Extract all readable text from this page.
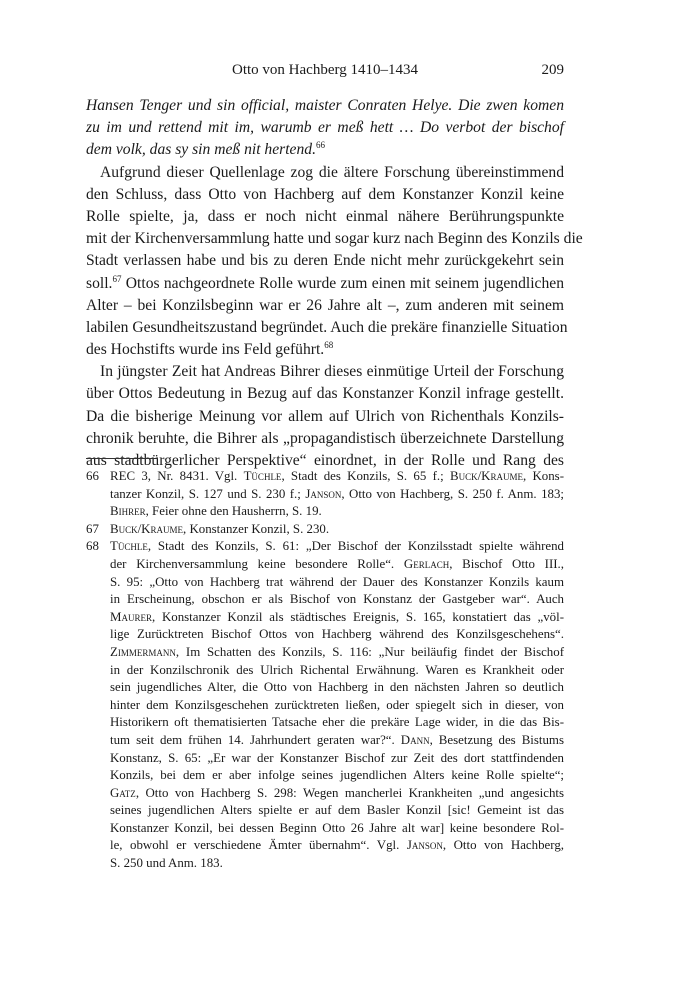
Otto von Hachberg 1410–1434	209
Hansen Tenger und sin official, maister Conraten Helye. Die zwen komen
zu im und rettend mit im, warumb er meß hett … Do verbot der bischof
dem volk, das sy sin meß nit hertend.$^{66}$
Aufgrund dieser Quellenlage zog die ältere Forschung übereinstimmend
den Schluss, dass Otto von Hachberg auf dem Konstanzer Konzil keine
Rolle spielte, ja, dass er noch nicht einmal nähere Berührungspunkte
mit der Kirchenversammlung hatte und sogar kurz nach Beginn des Konzils die
Stadt verlassen habe und bis zu deren Ende nicht mehr zurückgekehrt sein
soll.$^{67}$ Ottos nachgeordnete Rolle wurde zum einen mit seinem jugendlichen
Alter – bei Konzilsbeginn war er 26 Jahre alt –, zum anderen mit seinem
labilen Gesundheitszustand begründet. Auch die prekäre finanzielle Situation
des Hochstifts wurde ins Feld geführt.$^{68}$
In jüngster Zeit hat Andreas Bihrer dieses einmütige Urteil der Forschung
über Ottos Bedeutung in Bezug auf das Konstanzer Konzil infrage gestellt.
Da die bisherige Meinung vor allem auf Ulrich von Richenthals Konzils-
chronik beruhte, die Bihrer als „propagandistisch überzeichnete Darstellung
aus stadtbürgerlicher Perspektive“ einordnet, in der Rolle und Rang des
66 REC 3, Nr. 8431. Vgl. Tüchle, Stadt des Konzils, S. 65 f.; Buck/Kraume, Kons-
tanzer Konzil, S. 127 und S. 230 f.; Janson, Otto von Hachberg, S. 250 f. Anm. 183;
Bihrer, Feier ohne den Hausherrn, S. 19.
67 Buck/Kraume, Konstanzer Konzil, S. 230.
68 Tüchle, Stadt des Konzils, S. 61: „Der Bischof der Konzilsstadt spielte während
der Kirchenversammlung keine besondere Rolle“. Gerlach, Bischof Otto III.,
S. 95: „Otto von Hachberg trat während der Dauer des Konstanzer Konzils kaum
in Erscheinung, obschon er als Bischof von Konstanz der Gastgeber war“. Auch
Maurer, Konstanzer Konzil als städtisches Ereignis, S. 165, konstatiert das „völ-
lige Zurücktreten Bischof Ottos von Hachberg während des Konzilsgeschehens“.
Zimmermann, Im Schatten des Konzils, S. 116: „Nur beiläufig findet der Bischof
in der Konzilschronik des Ulrich Richental Erwähnung. Waren es Krankheit oder
sein jugendliches Alter, die Otto von Hachberg in den nächsten Jahren so deutlich
hinter dem Konzilsgeschehen zurücktreten ließen, oder spiegelt sich in dieser, von
Historikern oft thematisierten Tatsache eher die prekäre Lage wider, in die das Bis-
tum seit dem frühen 14. Jahrhundert geraten war?“. Dann, Besetzung des Bistums
Konstanz, S. 65: „Er war der Konstanzer Bischof zur Zeit des dort stattfindenden
Konzils, bei dem er aber infolge seines jugendlichen Alters keine Rolle spielte“;
Gatz, Otto von Hachberg S. 298: Wegen mancherlei Krankheiten „und angesichts
seines jugendlichen Alters spielte er auf dem Basler Konzil [sic! Gemeint ist das
Konstanzer Konzil, bei dessen Beginn Otto 26 Jahre alt war] keine besondere Rol-
le, obwohl er verschiedene Ämter übernahm“. Vgl. Janson, Otto von Hachberg,
S. 250 und Anm. 183.
